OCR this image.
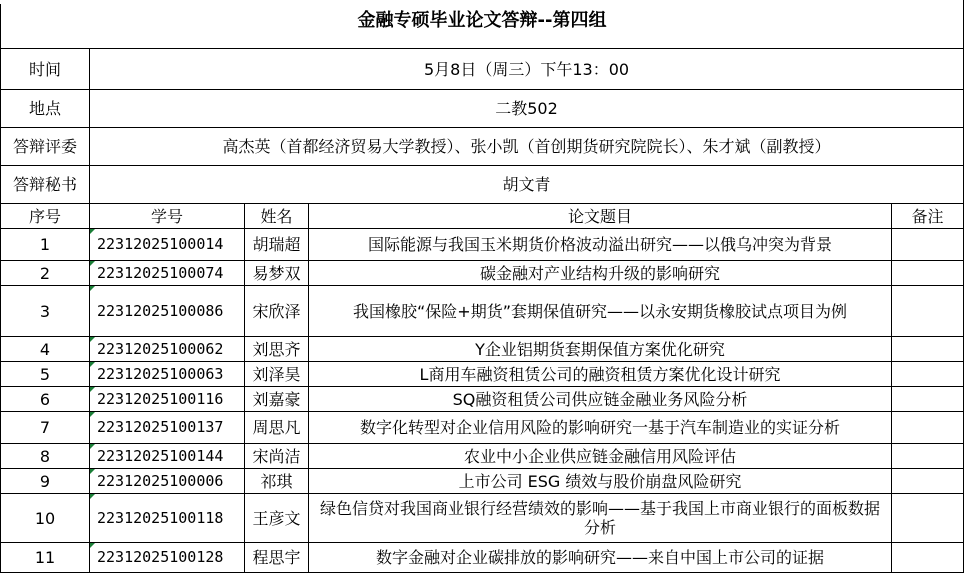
金融专硕毕业论文答辩--第四组				
时间	5月8日（周三）下午13：00			
地点	二教502			
答辩评委	高杰英（首都经济贸易大学教授）、张小凯（首创期货研究院院长）、朱才斌（副教授）			
答辩秘书	胡文青			
序号	学号	姓名	论文题目	备注
1	22312025100014	胡瑞超	国际能源与我国玉米期货价格波动溢出研究——以俄乌冲突为背景	
2	22312025100074	易梦双	碳金融对产业结构升级的影响研究	
3	22312025100086	宋欣泽	我国橡胶“保险+期货”套期保值研究——以永安期货橡胶试点项目为例	
4	22312025100062	刘思齐	Y企业铝期货套期保值方案优化研究	
5	22312025100063	刘泽昊	L商用车融资租赁公司的融资租赁方案优化设计研究	
6	22312025100116	刘嘉豪	SQ融资租赁公司供应链金融业务风险分析	
7	22312025100137	周思凡	数字化转型对企业信用风险的影响研究一基于汽车制造业的实证分析	
8	22312025100144	宋尚洁	农业中小企业供应链金融信用风险评估	
9	22312025100006	祁琪	上市公司 ESG 绩效与股价崩盘风险研究	
10	22312025100118	王彦文	绿色信贷对我国商业银行经营绩效的影响——基于我国上市商业银行的面板数据分析	
11	22312025100128	程思宇	数字金融对企业碳排放的影响研究——来自中国上市公司的证据	
